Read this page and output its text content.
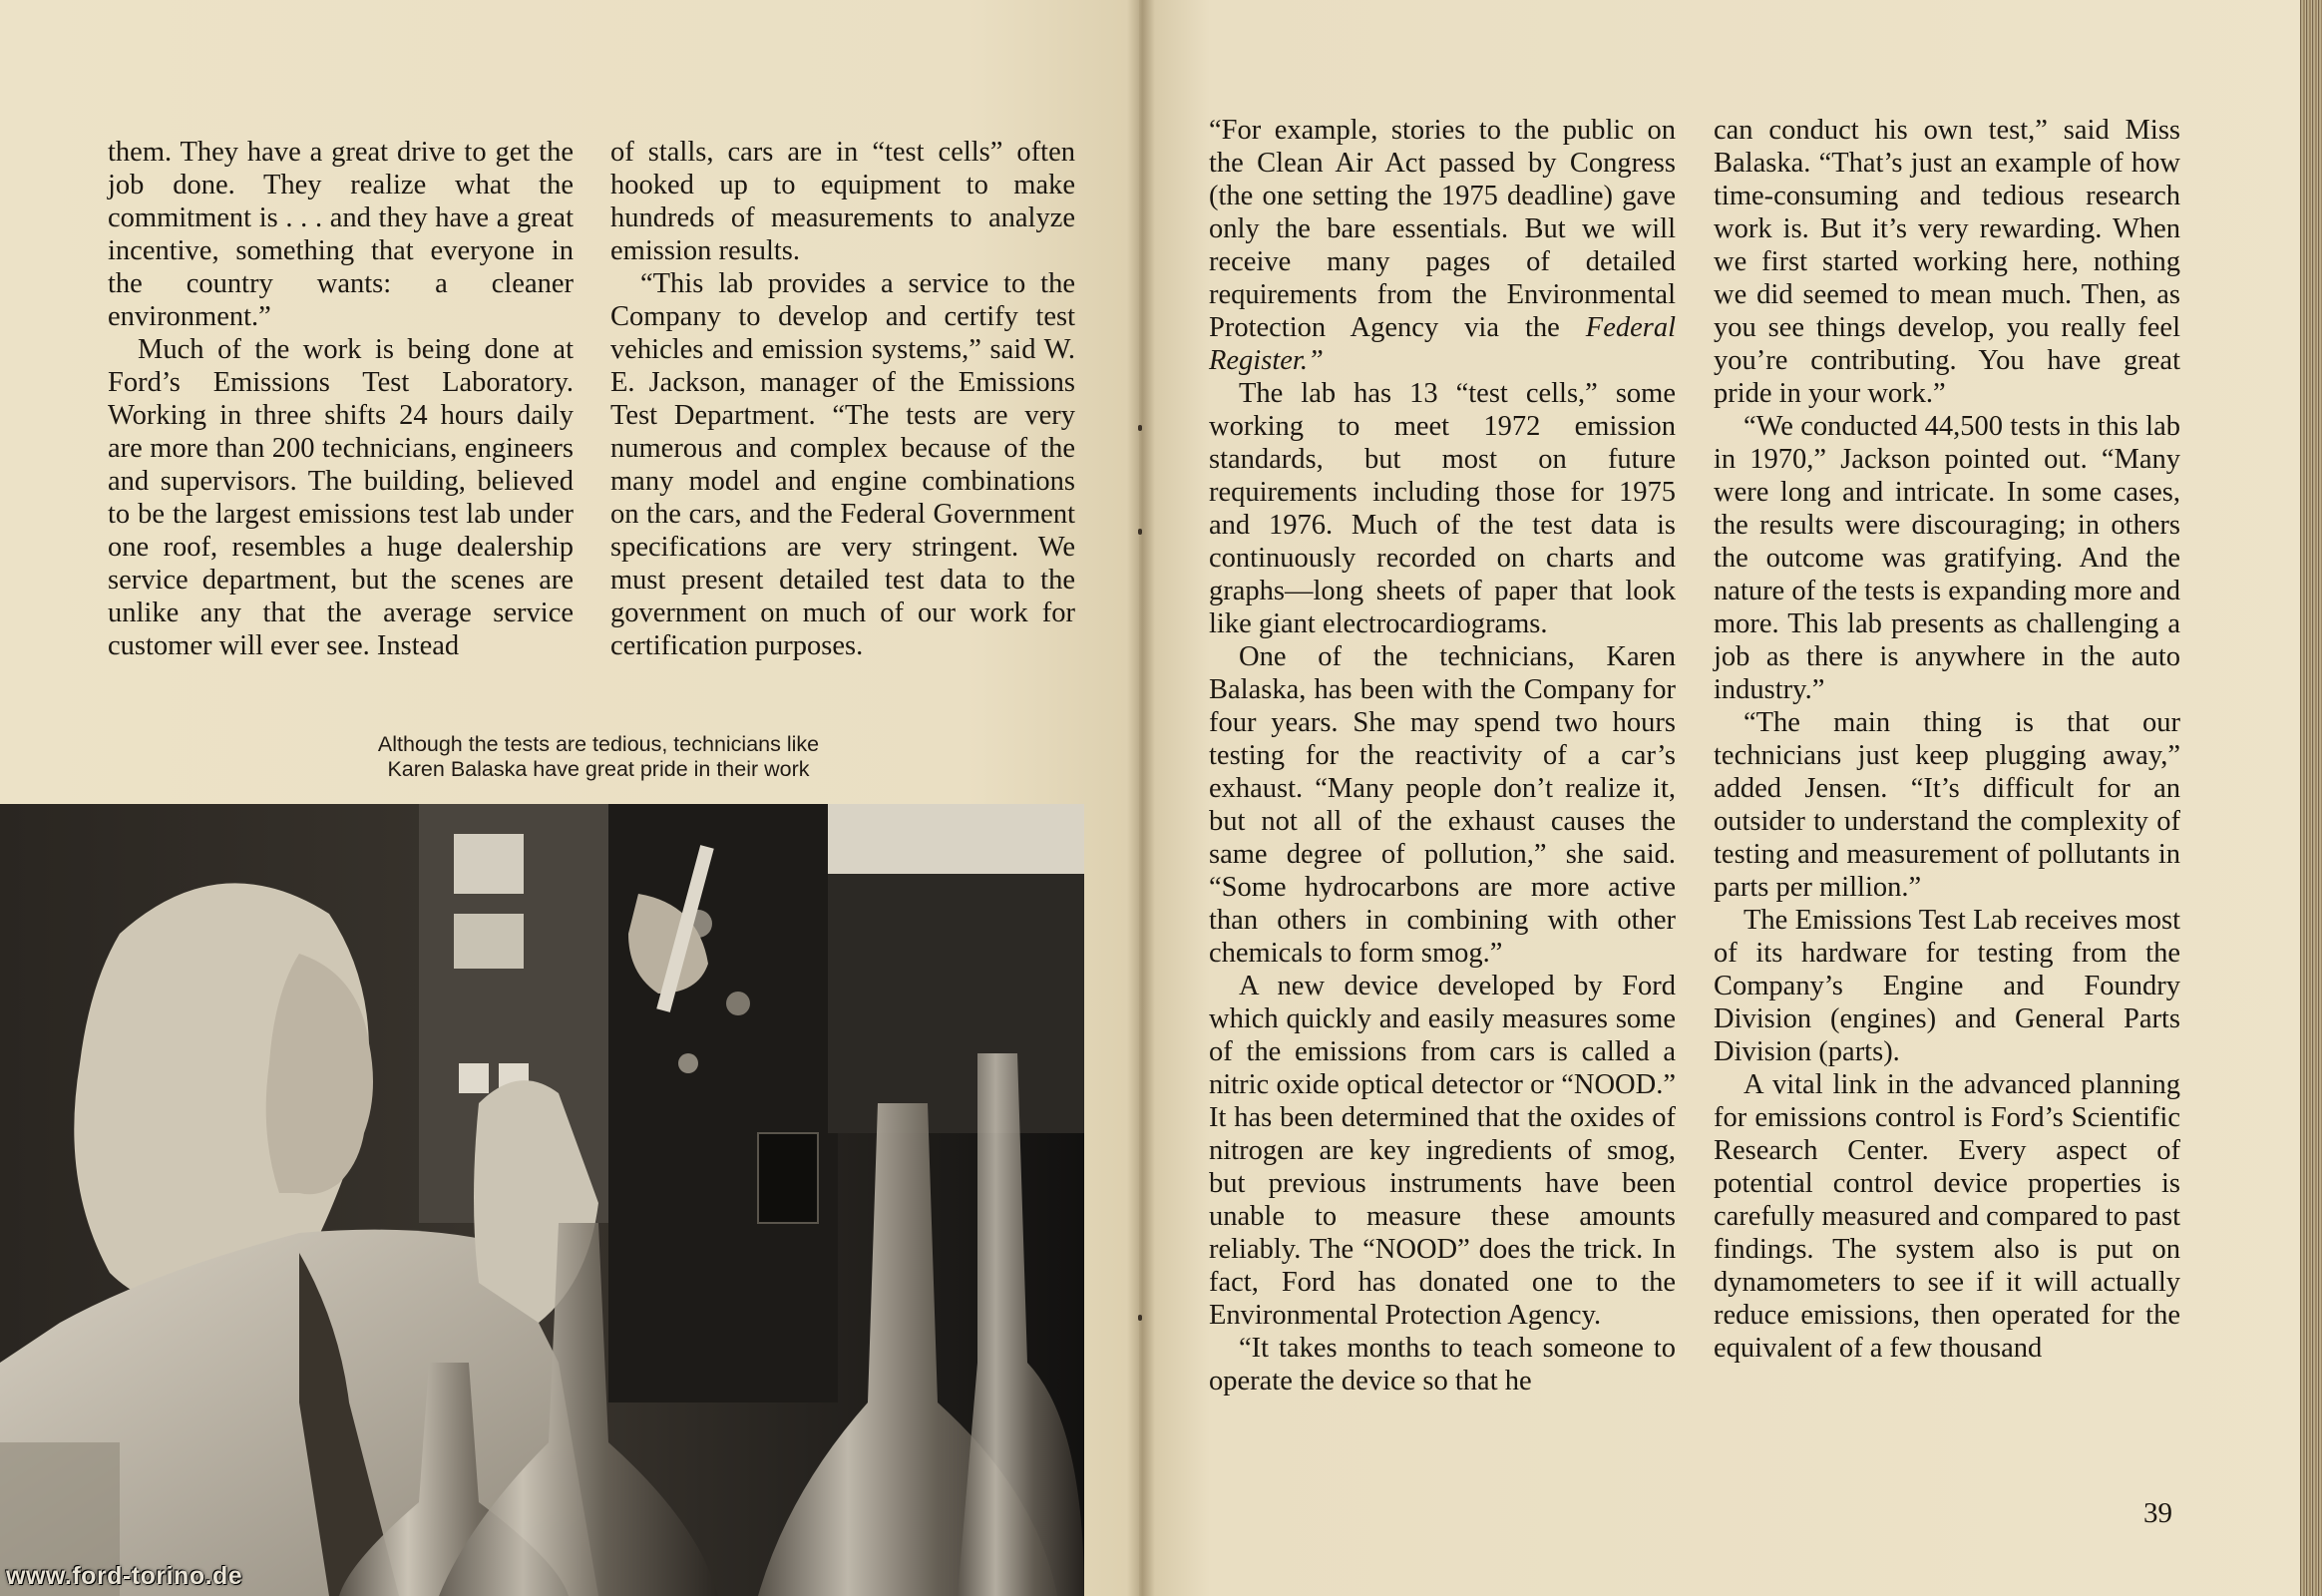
them. They have a great drive to get the job done. They realize what the commitment is . . . and they have a great incentive, something that everyone in the country wants: a cleaner environment.”

Much of the work is being done at Ford’s Emissions Test Laboratory. Working in three shifts 24 hours daily are more than 200 technicians, engineers and supervisors. The building, believed to be the largest emissions test lab under one roof, resembles a huge dealership service department, but the scenes are unlike any that the average service customer will ever see. Instead

of stalls, cars are in “test cells” often hooked up to equipment to make hundreds of measurements to analyze emission results.

“This lab provides a service to the Company to develop and certify test vehicles and emission systems,” said W. E. Jackson, manager of the Emissions Test Department. “The tests are very numerous and complex because of the many model and engine combinations on the cars, and the Federal Government specifications are very stringent. We must present detailed test data to the government on much of our work for certification purposes.

Although the tests are tedious, technicians like
Karen Balaska have great pride in their work
www.ford-torino.de

“For example, stories to the public on the Clean Air Act passed by Congress (the one setting the 1975 deadline) gave only the bare essentials. But we will receive many pages of detailed requirements from the Environmental Protection Agency via the Federal Register.”

The lab has 13 “test cells,” some working to meet 1972 emission standards, but most on future requirements including those for 1975 and 1976. Much of the test data is continuously recorded on charts and graphs—long sheets of paper that look like giant electrocardiograms.

One of the technicians, Karen Balaska, has been with the Company for four years. She may spend two hours testing for the reactivity of a car’s exhaust. “Many people don’t realize it, but not all of the exhaust causes the same degree of pollution,” she said. “Some hydrocarbons are more active than others in combining with other chemicals to form smog.”

A new device developed by Ford which quickly and easily measures some of the emissions from cars is called a nitric oxide optical detector or “NOOD.” It has been determined that the oxides of nitrogen are key ingredients of smog, but previous instruments have been unable to measure these amounts reliably. The “NOOD” does the trick. In fact, Ford has donated one to the Environmental Protection Agency.

“It takes months to teach someone to operate the device so that he

can conduct his own test,” said Miss Balaska. “That’s just an example of how time-consuming and tedious research work is. But it’s very rewarding. When we first started working here, nothing we did seemed to mean much. Then, as you see things develop, you really feel you’re contributing. You have great pride in your work.”

“We conducted 44,500 tests in this lab in 1970,” Jackson pointed out. “Many were long and intricate. In some cases, the results were discouraging; in others the outcome was gratifying. And the nature of the tests is expanding more and more. This lab presents as challenging a job as there is anywhere in the auto industry.”

“The main thing is that our technicians just keep plugging away,” added Jensen. “It’s difficult for an outsider to understand the complexity of testing and measurement of pollutants in parts per million.”

The Emissions Test Lab receives most of its hardware for testing from the Company’s Engine and Foundry Division (engines) and General Parts Division (parts).

A vital link in the advanced planning for emissions control is Ford’s Scientific Research Center. Every aspect of potential control device properties is carefully measured and compared to past findings. The system also is put on dynamometers to see if it will actually reduce emissions, then operated for the equivalent of a few thousand

39
